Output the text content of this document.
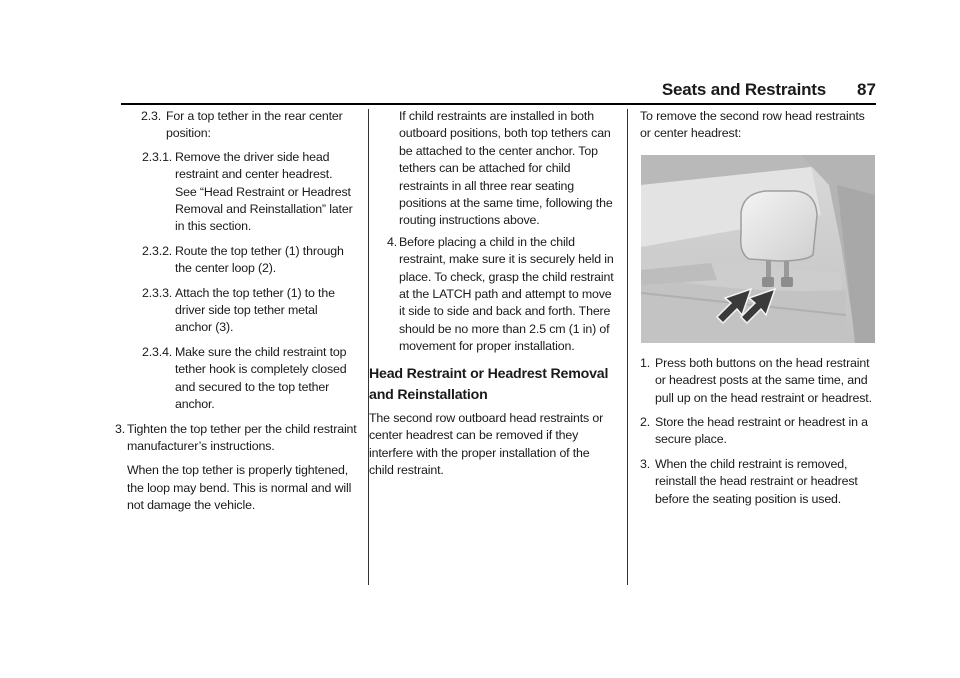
Seats and Restraints 87

2.3. For a top tether in the rear center position:

2.3.1. Remove the driver side head restraint and center headrest. See “Head Restraint or Headrest Removal and Reinstallation” later in this section.

2.3.2. Route the top tether (1) through the center loop (2).

2.3.3. Attach the top tether (1) to the driver side top tether metal anchor (3).

2.3.4. Make sure the child restraint top tether hook is completely closed and secured to the top tether anchor.

3. Tighten the top tether per the child restraint manufacturer’s instructions.

When the top tether is properly tightened, the loop may bend. This is normal and will not damage the vehicle.

If child restraints are installed in both outboard positions, both top tethers can be attached to the center anchor. Top tethers can be attached for child restraints in all three rear seating positions at the same time, following the routing instructions above.

4. Before placing a child in the child restraint, make sure it is securely held in place. To check, grasp the child restraint at the LATCH path and attempt to move it side to side and back and forth. There should be no more than 2.5 cm (1 in) of movement for proper installation.

Head Restraint or Headrest Removal and Reinstallation

The second row outboard head restraints or center headrest can be removed if they interfere with the proper installation of the child restraint.

To remove the second row head restraints or center headrest:

1. Press both buttons on the head restraint or headrest posts at the same time, and pull up on the head restraint or headrest.

2. Store the head restraint or headrest in a secure place.

3. When the child restraint is removed, reinstall the head restraint or headrest before the seating position is used.
